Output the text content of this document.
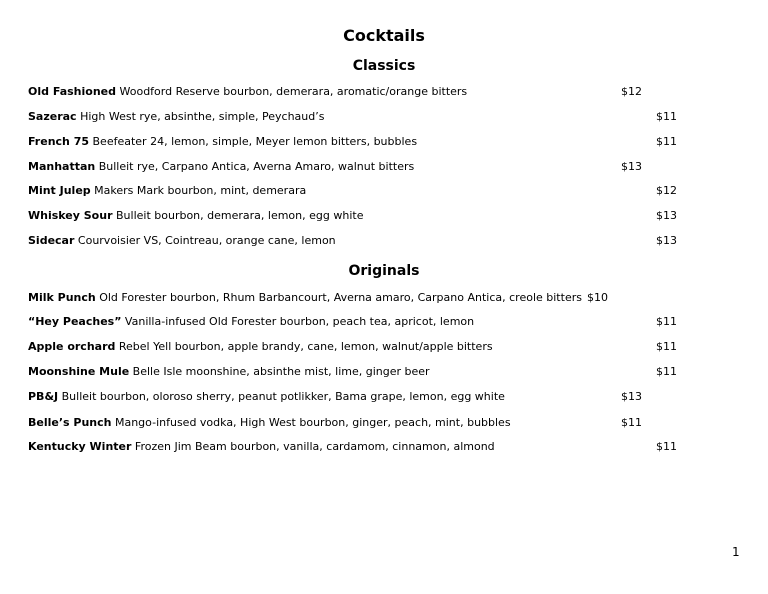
Cocktails
Classics
Old Fashioned Woodford Reserve bourbon, demerara, aromatic/orange bitters	$12
Sazerac High West rye, absinthe, simple, Peychaud’s	$11
French 75 Beefeater 24, lemon, simple, Meyer lemon bitters, bubbles	$11
Manhattan Bulleit rye, Carpano Antica, Averna Amaro, walnut bitters	$13
Mint Julep Makers Mark bourbon, mint, demerara	$12
Whiskey Sour Bulleit bourbon, demerara, lemon, egg white	$13
Sidecar Courvoisier VS, Cointreau, orange cane, lemon	$13
Originals
Milk Punch Old Forester bourbon, Rhum Barbancourt, Averna amaro, Carpano Antica, creole bitters $10
“Hey Peaches” Vanilla-infused Old Forester bourbon, peach tea, apricot, lemon	$11
Apple orchard Rebel Yell bourbon, apple brandy, cane, lemon, walnut/apple bitters	$11
Moonshine Mule Belle Isle moonshine, absinthe mist, lime, ginger beer	$11
PB&J Bulleit bourbon, oloroso sherry, peanut potlikker, Bama grape, lemon, egg white	$13
Belle’s Punch Mango-infused vodka, High West bourbon, ginger, peach, mint, bubbles	$11
Kentucky Winter Frozen Jim Beam bourbon, vanilla, cardamom, cinnamon, almond	$11
1
